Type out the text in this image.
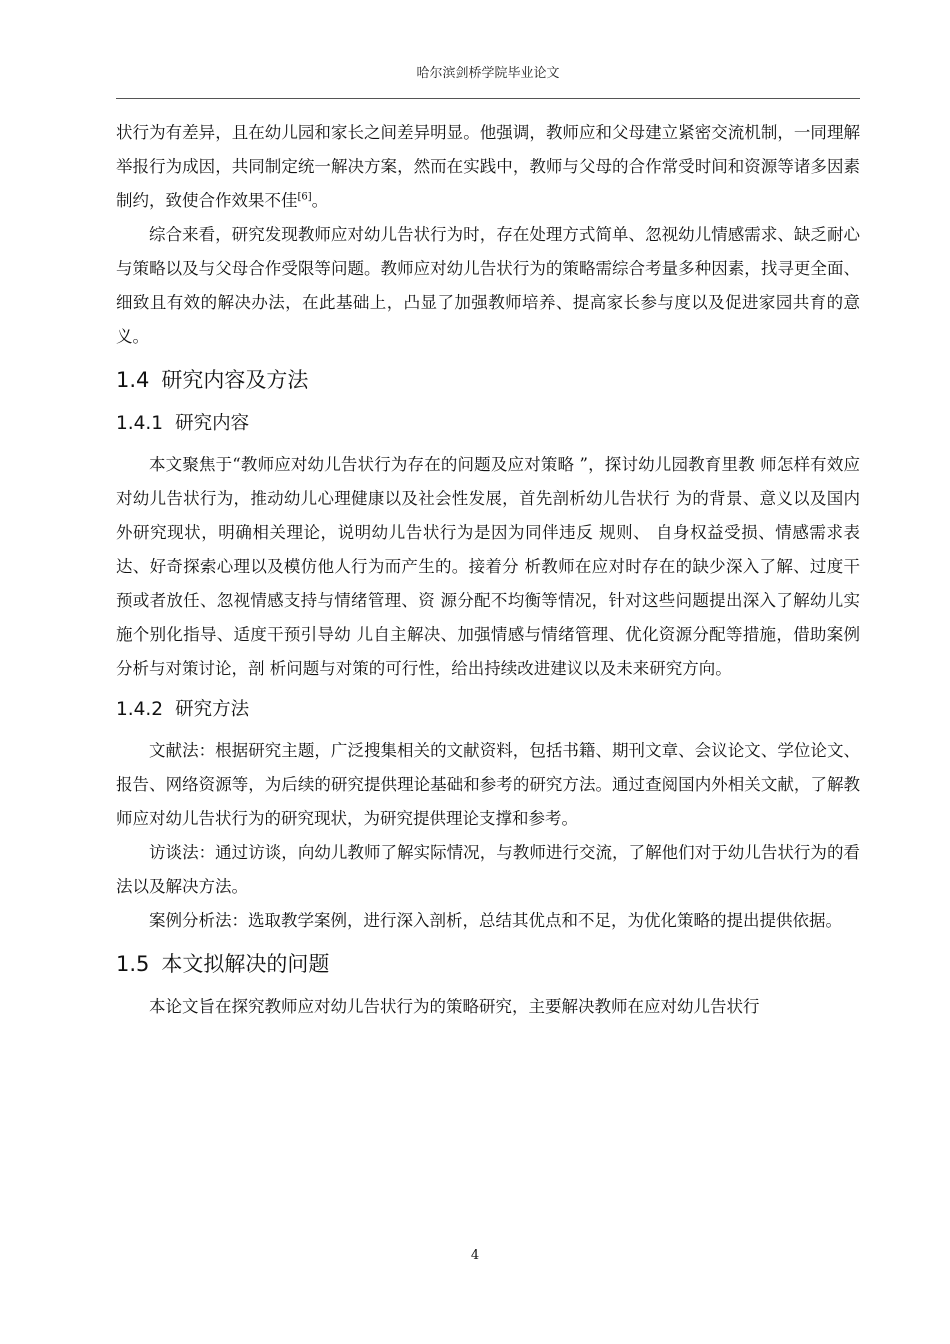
哈尔滨剑桥学院毕业论文

状行为有差异，且在幼儿园和家长之间差异明显。他强调，教师应和父母建立紧密交流机制，一同理解举报行为成因，共同制定统一解决方案，然而在实践中，教师与父母的合作常受时间和资源等诸多因素制约，致使合作效果不佳[6]。

综合来看，研究发现教师应对幼儿告状行为时，存在处理方式简单、忽视幼儿情感需求、缺乏耐心与策略以及与父母合作受限等问题。教师应对幼儿告状行为的策略需综合考量多种因素，找寻更全面、细致且有效的解决办法，在此基础上，凸显了加强教师培养、提高家长参与度以及促进家园共育的意义。

1.4 研究内容及方法
1.4.1 研究内容

本文聚焦于“教师应对幼儿告状行为存在的问题及应对策略 ”，探讨幼儿园教育里教 师怎样有效应对幼儿告状行为，推动幼儿心理健康以及社会性发展，首先剖析幼儿告状行 为的背景、意义以及国内外研究现状，明确相关理论，说明幼儿告状行为是因为同伴违反 规则、 自身权益受损、情感需求表达、好奇探索心理以及模仿他人行为而产生的。接着分 析教师在应对时存在的缺少深入了解、过度干预或者放任、忽视情感支持与情绪管理、资 源分配不均衡等情况，针对这些问题提出深入了解幼儿实施个别化指导、适度干预引导幼 儿自主解决、加强情感与情绪管理、优化资源分配等措施，借助案例分析与对策讨论，剖 析问题与对策的可行性，给出持续改进建议以及未来研究方向。

1.4.2 研究方法

文献法：根据研究主题，广泛搜集相关的文献资料，包括书籍、期刊文章、会议论文、学位论文、报告、网络资源等，为后续的研究提供理论基础和参考的研究方法。通过查阅国内外相关文献，了解教师应对幼儿告状行为的研究现状，为研究提供理论支撑和参考。

访谈法：通过访谈，向幼儿教师了解实际情况，与教师进行交流，了解他们对于幼儿告状行为的看法以及解决方法。

案例分析法：选取教学案例，进行深入剖析，总结其优点和不足，为优化策略的提出提供依据。

1.5 本文拟解决的问题

本论文旨在探究教师应对幼儿告状行为的策略研究，主要解决教师在应对幼儿告状行

4
